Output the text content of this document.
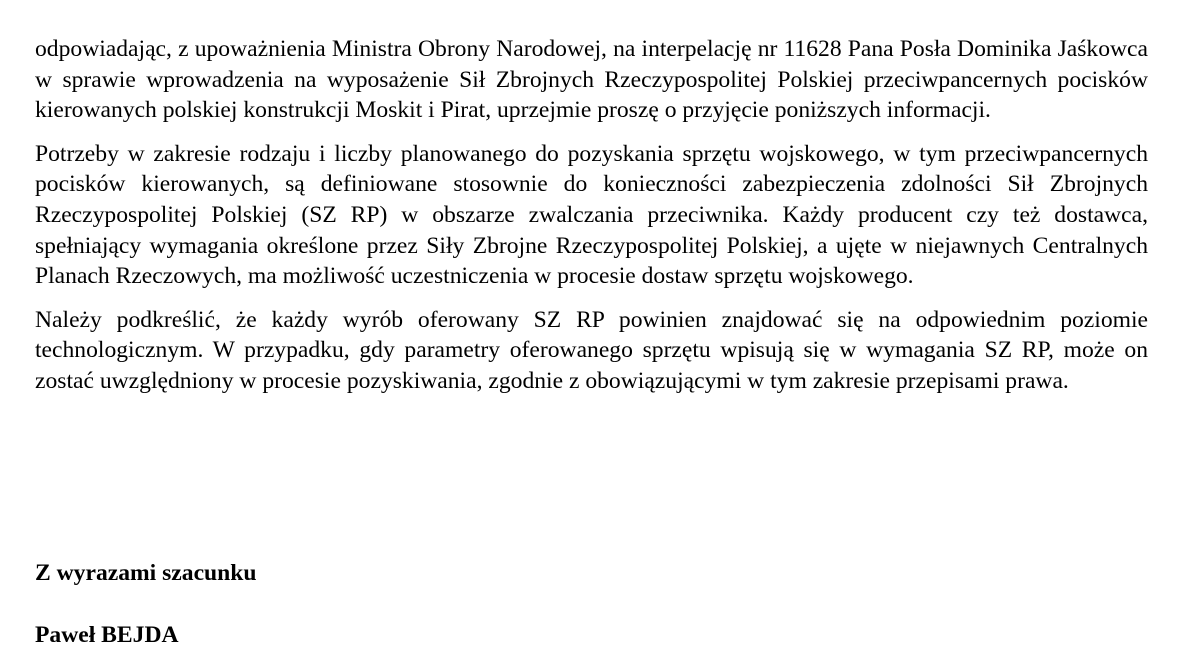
odpowiadając, z upoważnienia Ministra Obrony Narodowej, na interpelację nr 11628 Pana Posła Dominika Jaśkowca w sprawie wprowadzenia na wyposażenie Sił Zbrojnych Rzeczypospolitej Polskiej przeciwpancernych pocisków kierowanych polskiej konstrukcji Moskit i Pirat, uprzejmie proszę o przyjęcie poniższych informacji.

Potrzeby w zakresie rodzaju i liczby planowanego do pozyskania sprzętu wojskowego, w tym przeciwpancernych pocisków kierowanych, są definiowane stosownie do konieczności zabezpieczenia zdolności Sił Zbrojnych Rzeczypospolitej Polskiej (SZ RP) w obszarze zwalczania przeciwnika. Każdy producent czy też dostawca, spełniający wymagania określone przez Siły Zbrojne Rzeczypospolitej Polskiej, a ujęte w niejawnych Centralnych Planach Rzeczowych, ma możliwość uczestniczenia w procesie dostaw sprzętu wojskowego.

Należy podkreślić, że każdy wyrób oferowany SZ RP powinien znajdować się na odpowiednim poziomie technologicznym. W przypadku, gdy parametry oferowanego sprzętu wpisują się w wymagania SZ RP, może on zostać uwzględniony w procesie pozyskiwania, zgodnie z obowiązującymi w tym zakresie przepisami prawa.

Z wyrazami szacunku

Paweł BEJDA
